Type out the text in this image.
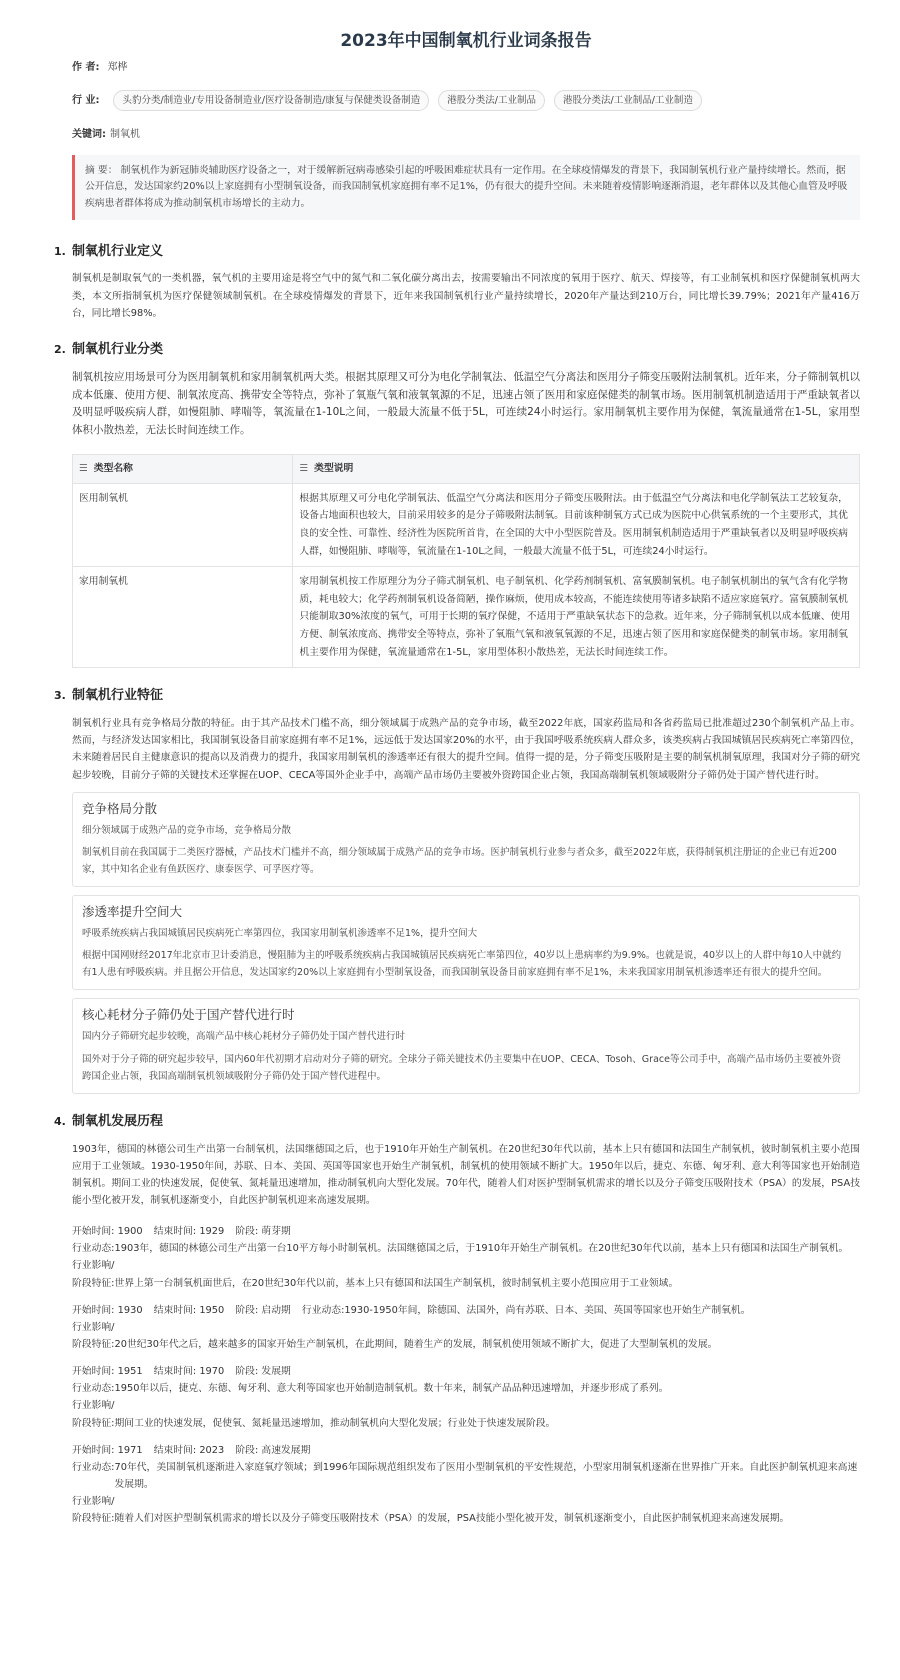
2023年中国制氧机行业词条报告
作 者: 郑桦
行 业:	头豹分类/制造业/专用设备制造业/医疗设备制造/康复与保健类设备制造	港股分类法/工业制品	港股分类法/工业制品/工业制造
关键词: 制氧机
摘 要： 制氧机作为新冠肺炎辅助医疗设备之一，对于缓解新冠病毒感染引起的呼吸困难症状具有一定作用。在全球疫情爆发的背景下，我国制氧机行业产量持续增长。然而，据公开信息，发达国家约20%以上家庭拥有小型制氧设备，而我国制氧机家庭拥有率不足1%，仍有很大的提升空间。未来随着疫情影响逐渐消退，老年群体以及其他心血管及呼吸疾病患者群体将成为推动制氧机市场增长的主动力。
1. 制氧机行业定义
制氧机是制取氧气的一类机器，氧气机的主要用途是将空气中的氮气和二氧化碳分离出去，按需要输出不同浓度的氧用于医疗、航天、焊接等，有工业制氧机和医疗保健制氧机两大类，本文所指制氧机为医疗保健领域制氧机。在全球疫情爆发的背景下，近年来我国制氧机行业产量持续增长，2020年产量达到210万台，同比增长39.79%；2021年产量416万台，同比增长98%。
2. 制氧机行业分类
制氧机按应用场景可分为医用制氧机和家用制氧机两大类。根据其原理又可分为电化学制氧法、低温空气分离法和医用分子筛变压吸附法制氧机。近年来，分子筛制氧机以成本低廉、使用方便、制氧浓度高、携带安全等特点，弥补了氧瓶气氧和液氧氧源的不足，迅速占领了医用和家庭保健类的制氧市场。医用制氧机制造适用于严重缺氧者以及明显呼吸疾病人群，如慢阻肺、哮喘等，氧流量在1-10L之间，一般最大流量不低于5L，可连续24小时运行。家用制氧机主要作用为保健，氧流量通常在1-5L，家用型体积小散热差，无法长时间连续工作。
☰ 类型名称	☰ 类型说明
医用制氧机	根据其原理又可分电化学制氧法、低温空气分离法和医用分子筛变压吸附法。由于低温空气分离法和电化学制氧法工艺较复杂，设备占地面积也较大，目前采用较多的是分子筛吸附法制氧。目前该种制氧方式已成为医院中心供氧系统的一个主要形式，其优良的安全性、可靠性、经济性为医院所首肯，在全国的大中小型医院普及。医用制氧机制造适用于严重缺氧者以及明显呼吸疾病人群，如慢阻肺、哮喘等，氧流量在1-10L之间，一般最大流量不低于5L，可连续24小时运行。
家用制氧机	家用制氧机按工作原理分为分子筛式制氧机、电子制氧机、化学药剂制氧机、富氧膜制氧机。电子制氧机制出的氧气含有化学物质，耗电较大；化学药剂制氧机设备简陋，操作麻烦，使用成本较高，不能连续使用等诸多缺陷不适应家庭氧疗。富氧膜制氧机只能制取30%浓度的氧气，可用于长期的氧疗保健，不适用于严重缺氧状态下的急救。近年来，分子筛制氧机以成本低廉、使用方便、制氧浓度高、携带安全等特点，弥补了氧瓶气氧和液氧氧源的不足，迅速占领了医用和家庭保健类的制氧市场。家用制氧机主要作用为保健，氧流量通常在1-5L，家用型体积小散热差，无法长时间连续工作。
3. 制氧机行业特征
制氧机行业具有竞争格局分散的特征。由于其产品技术门槛不高，细分领域属于成熟产品的竞争市场，截至2022年底，国家药监局和各省药监局已批准超过230个制氧机产品上市。然而，与经济发达国家相比，我国制氧设备目前家庭拥有率不足1%，远远低于发达国家20%的水平，由于我国呼吸系统疾病人群众多，该类疾病占我国城镇居民疾病死亡率第四位，未来随着居民自主健康意识的提高以及消费力的提升，我国家用制氧机的渗透率还有很大的提升空间。值得一提的是，分子筛变压吸附是主要的制氧机制氧原理，我国对分子筛的研究起步较晚，目前分子筛的关键技术还掌握在UOP、CECA等国外企业手中，高端产品市场仍主要被外资跨国企业占领，我国高端制氧机领域吸附分子筛仍处于国产替代进行时。
竞争格局分散
细分领域属于成熟产品的竞争市场，竞争格局分散
制氧机目前在我国属于二类医疗器械，产品技术门槛并不高，细分领域属于成熟产品的竞争市场。医护制氧机行业参与者众多，截至2022年底，获得制氧机注册证的企业已有近200家，其中知名企业有鱼跃医疗、康泰医学、可孚医疗等。
渗透率提升空间大
呼吸系统疾病占我国城镇居民疾病死亡率第四位，我国家用制氧机渗透率不足1%，提升空间大
根据中国网财经2017年北京市卫计委消息，慢阻肺为主的呼吸系统疾病占我国城镇居民疾病死亡率第四位，40岁以上患病率约为9.9%。也就是说，40岁以上的人群中每10人中就约有1人患有呼吸疾病。并且据公开信息，发达国家约20%以上家庭拥有小型制氧设备，而我国制氧设备目前家庭拥有率不足1%，未来我国家用制氧机渗透率还有很大的提升空间。
核心耗材分子筛仍处于国产替代进行时
国内分子筛研究起步较晚，高端产品中核心耗材分子筛仍处于国产替代进行时
国外对于分子筛的研究起步较早，国内60年代初期才启动对分子筛的研究。全球分子筛关键技术仍主要集中在UOP、CECA、Tosoh、Grace等公司手中，高端产品市场仍主要被外资跨国企业占领，我国高端制氧机领域吸附分子筛仍处于国产替代进程中。
4. 制氧机发展历程
1903年，德国的林德公司生产出第一台制氧机，法国继德国之后，也于1910年开始生产制氧机。在20世纪30年代以前，基本上只有德国和法国生产制氧机，彼时制氧机主要小范围应用于工业领域。1930-1950年间，苏联、日本、美国、英国等国家也开始生产制氧机，制氧机的使用领域不断扩大。1950年以后，捷克、东德、匈牙利、意大利等国家也开始制造制氧机。期间工业的快速发展，促使氧、氮耗量迅速增加，推动制氧机向大型化发展。70年代，随着人们对医护型制氧机需求的增长以及分子筛变压吸附技术（PSA）的发展，PSA技能小型化被开发，制氧机逐渐变小，自此医护制氧机迎来高速发展期。
开始时间: 1900 结束时间: 1929 阶段: 萌芽期
行业动态: 1903年，德国的林德公司生产出第一台10平方每小时制氧机。法国继德国之后，于1910年开始生产制氧机。在20世纪30年代以前，基本上只有德国和法国生产制氧机。
行业影响/
阶段特征: 世界上第一台制氧机面世后，在20世纪30年代以前，基本上只有德国和法国生产制氧机，彼时制氧机主要小范围应用于工业领域。
开始时间: 1930 结束时间: 1950 阶段: 启动期 行业动态: 1930-1950年间，除德国、法国外，尚有苏联、日本、美国、英国等国家也开始生产制氧机。
行业影响/
阶段特征: 20世纪30年代之后，越来越多的国家开始生产制氧机，在此期间，随着生产的发展，制氧机使用领域不断扩大，促进了大型制氧机的发展。
开始时间: 1951 结束时间: 1970 阶段: 发展期
行业动态: 1950年以后，捷克、东德、匈牙利、意大利等国家也开始制造制氧机。数十年来，制氧产品品种迅速增加，并逐步形成了系列。
行业影响/
阶段特征: 期间工业的快速发展，促使氧、氮耗量迅速增加，推动制氧机向大型化发展；行业处于快速发展阶段。
开始时间: 1971 结束时间: 2023 阶段: 高速发展期
行业动态: 70年代，美国制氧机逐渐进入家庭氧疗领域；到1996年国际规范组织发布了医用小型制氧机的平安性规范，小型家用制氧机逐渐在世界推广开来。自此医护制氧机迎来高速发展期。
行业影响/
阶段特征: 随着人们对医护型制氧机需求的增长以及分子筛变压吸附技术（PSA）的发展，PSA技能小型化被开发，制氧机逐渐变小，自此医护制氧机迎来高速发展期。
